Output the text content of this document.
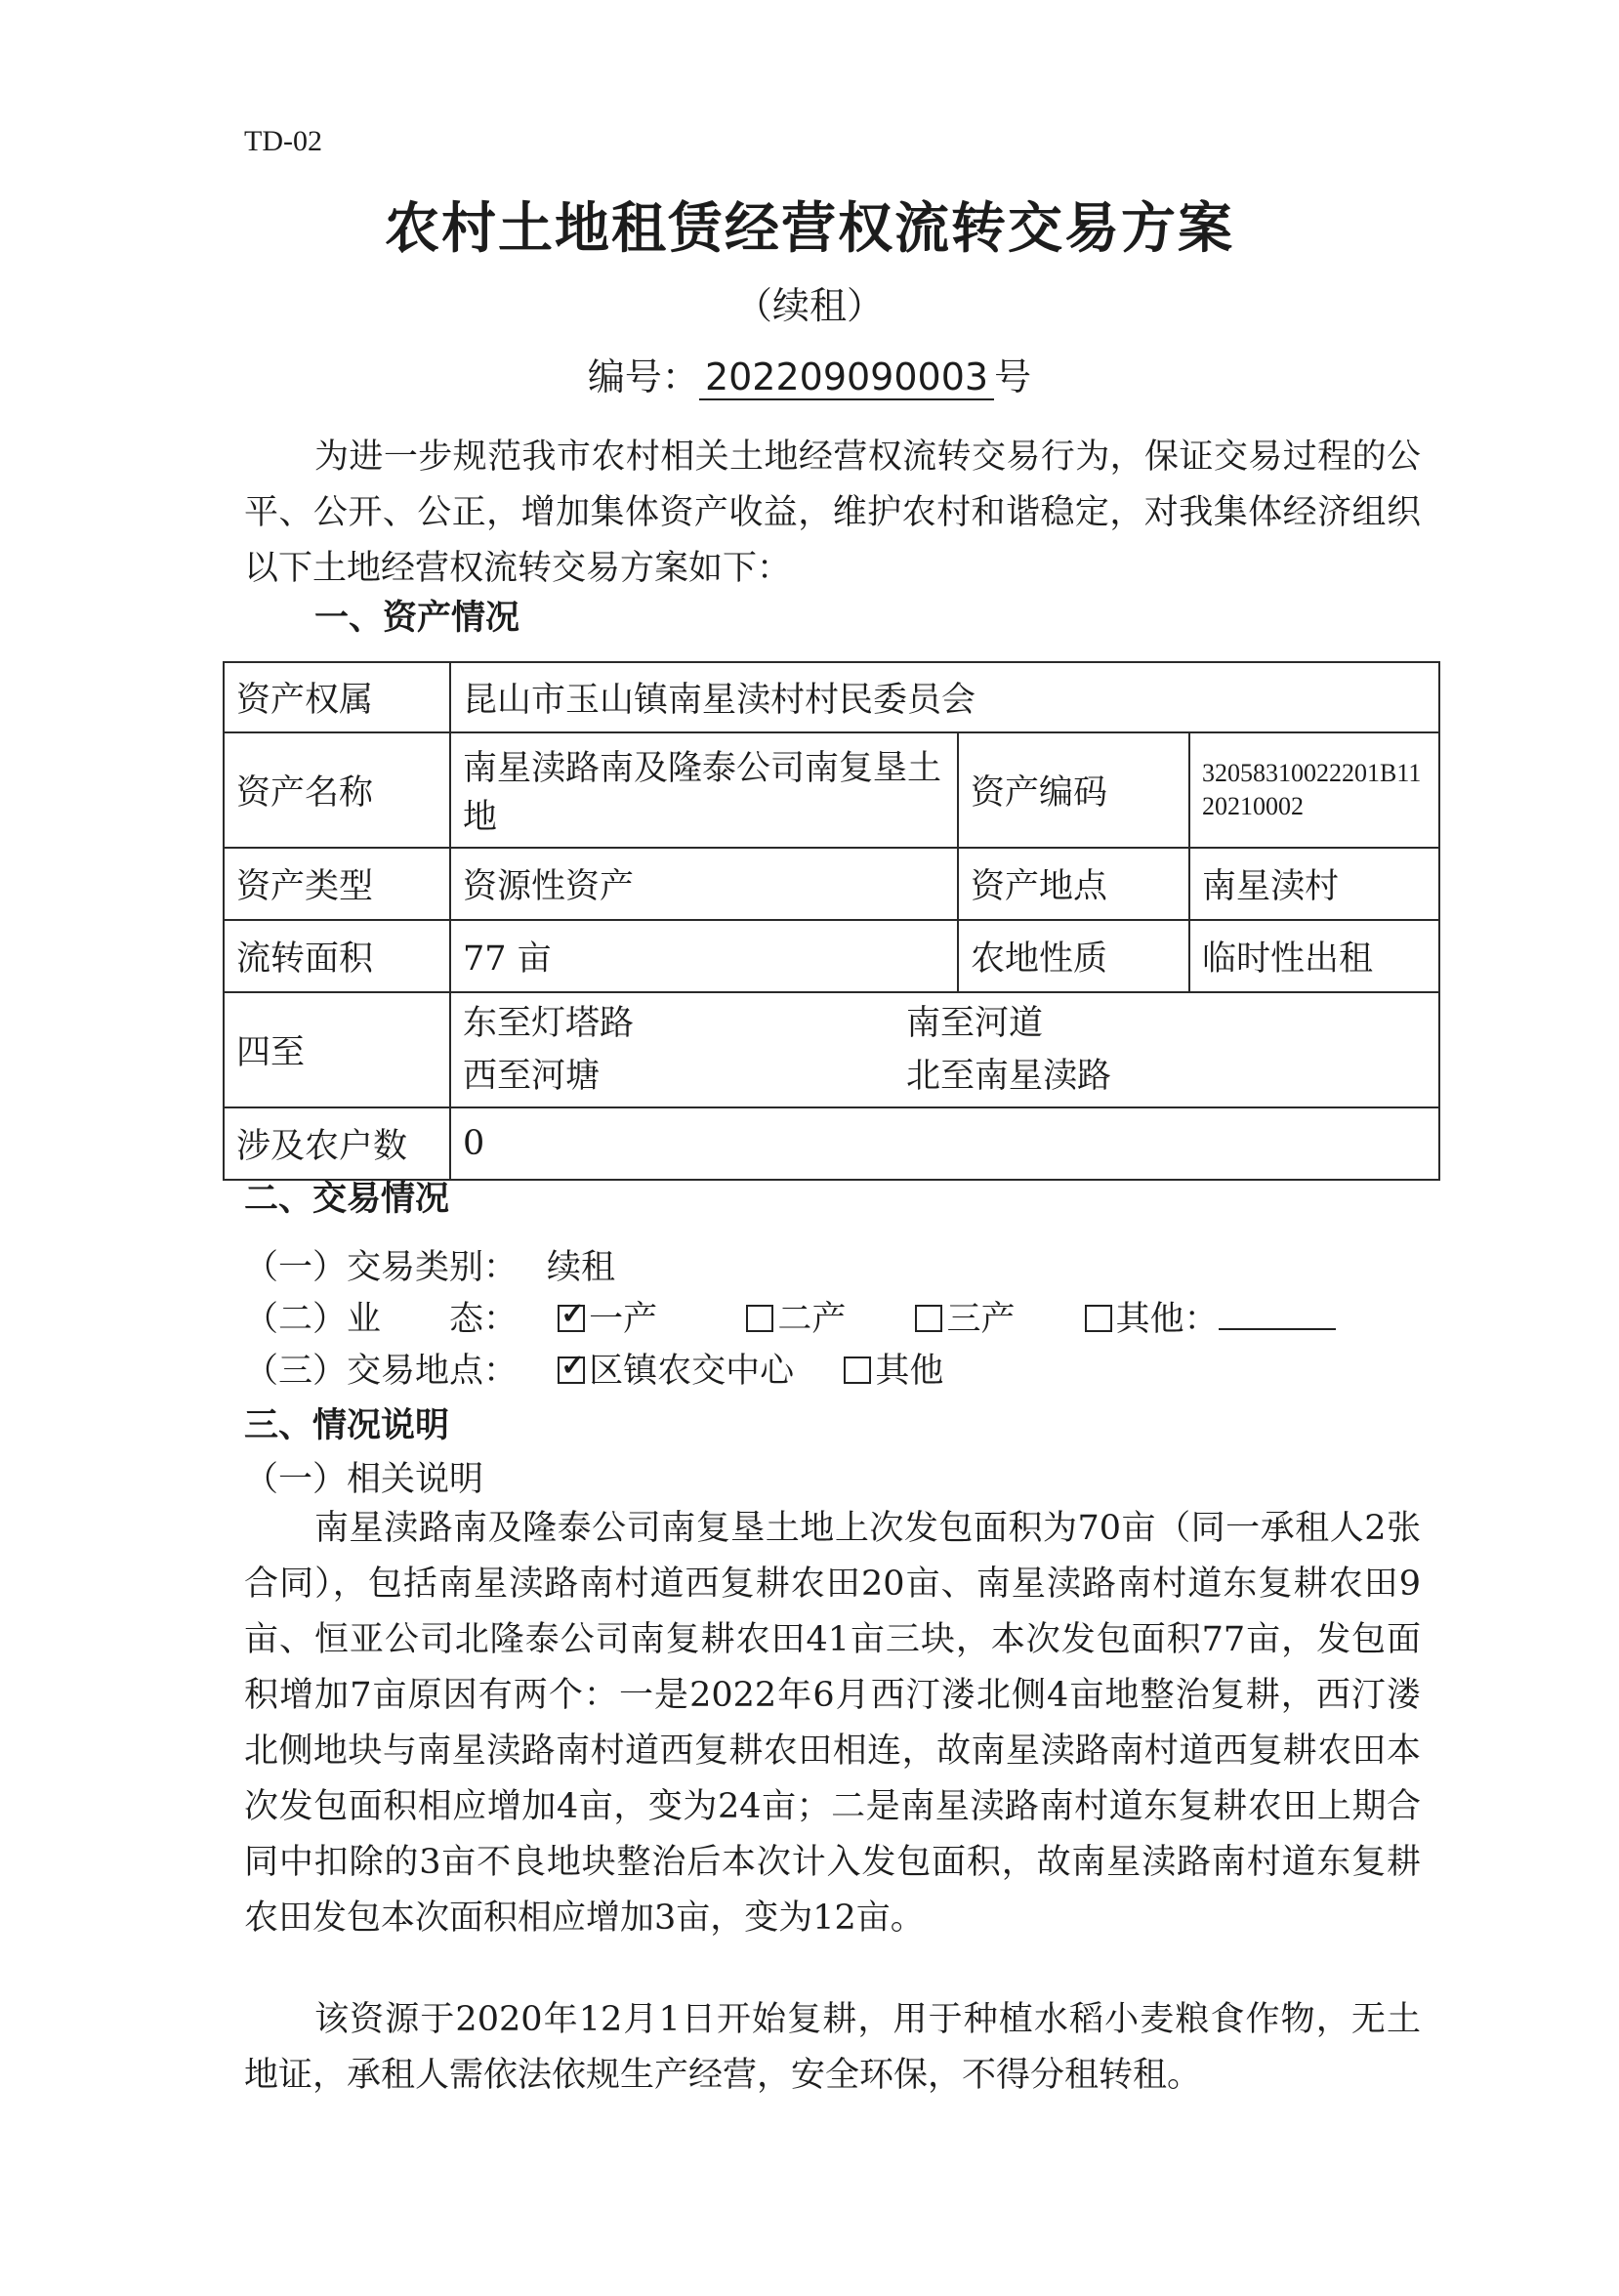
TD-02
农村土地租赁经营权流转交易方案
（续租）
编号： 202209090003 号
为进一步规范我市农村相关土地经营权流转交易行为，保证交易过程的公平、公开、公正，增加集体资产收益，维护农村和谐稳定，对我集体经济组织以下土地经营权流转交易方案如下：
一、资产情况
资产权属	昆山市玉山镇南星渎村村民委员会		
资产名称	南星渎路南及隆泰公司南复垦土地	资产编码	32058310022201B1120210002
资产类型	资源性资产	资产地点	南星渎村
流转面积	77 亩	农地性质	临时性出租
四至	东至灯塔路 南至河道
西至河塘 北至南星渎路		
涉及农户数	0		
二、交易情况
（一）交易类别： 续租
（二）业　　态： ✓ 一产	二产	三产	其他：
（三）交易地点： ✓ 区镇农交中心 其他
三、情况说明
（一）相关说明
南星渎路南及隆泰公司南复垦土地上次发包面积为70亩（同一承租人2张合同），包括南星渎路南村道西复耕农田20亩、南星渎路南村道东复耕农田9亩、恒亚公司北隆泰公司南复耕农田41亩三块，本次发包面积77亩，发包面积增加7亩原因有两个：一是2022年6月西汀溇北侧4亩地整治复耕，西汀溇北侧地块与南星渎路南村道西复耕农田相连，故南星渎路南村道西复耕农田本次发包面积相应增加4亩，变为24亩；二是南星渎路南村道东复耕农田上期合同中扣除的3亩不良地块整治后本次计入发包面积，故南星渎路南村道东复耕农田发包本次面积相应增加3亩，变为12亩。
该资源于2020年12月1日开始复耕，用于种植水稻小麦粮食作物，无土地证，承租人需依法依规生产经营，安全环保，不得分租转租。
